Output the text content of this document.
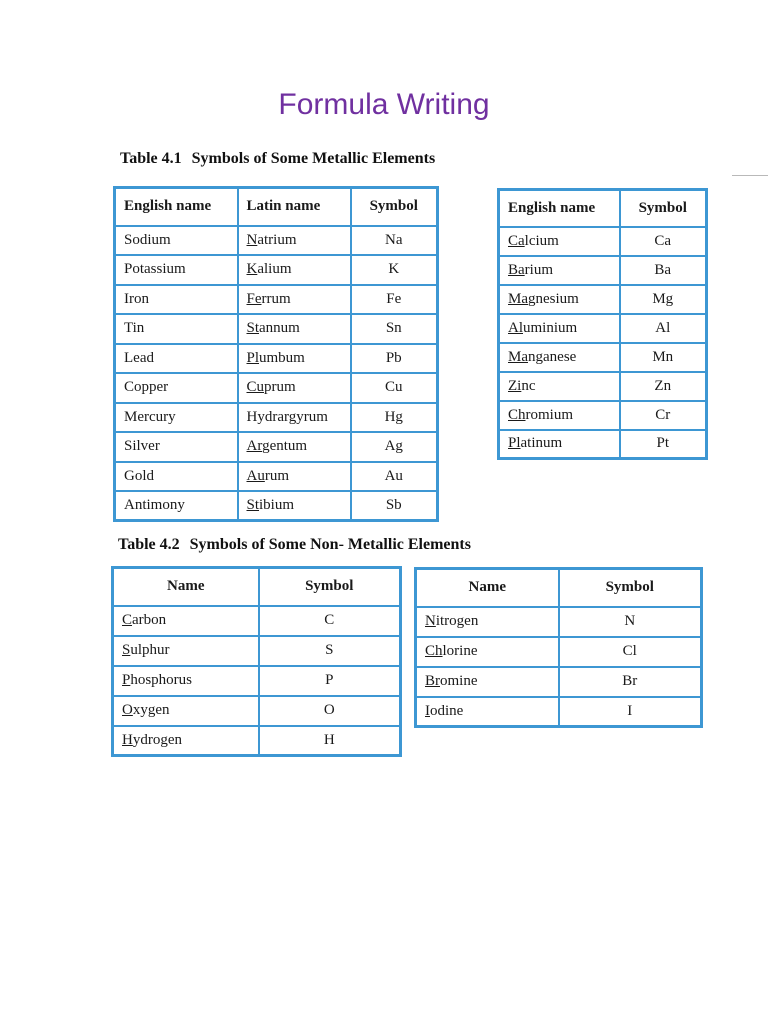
Formula Writing
Table 4.1 Symbols of Some Metallic Elements
English name	Latin name	Symbol
Sodium	Natrium	Na
Potassium	Kalium	K
Iron	Ferrum	Fe
Tin	Stannum	Sn
Lead	Plumbum	Pb
Copper	Cuprum	Cu
Mercury	Hydrargyrum	Hg
Silver	Argentum	Ag
Gold	Aurum	Au
Antimony	Stibium	Sb
English name	Symbol
Calcium	Ca
Barium	Ba
Magnesium	Mg
Aluminium	Al
Manganese	Mn
Zinc	Zn
Chromium	Cr
Platinum	Pt
Table 4.2 Symbols of Some Non- Metallic Elements
Name	Symbol
Carbon	C
Sulphur	S
Phosphorus	P
Oxygen	O
Hydrogen	H
Name	Symbol
Nitrogen	N
Chlorine	Cl
Bromine	Br
Iodine	I
